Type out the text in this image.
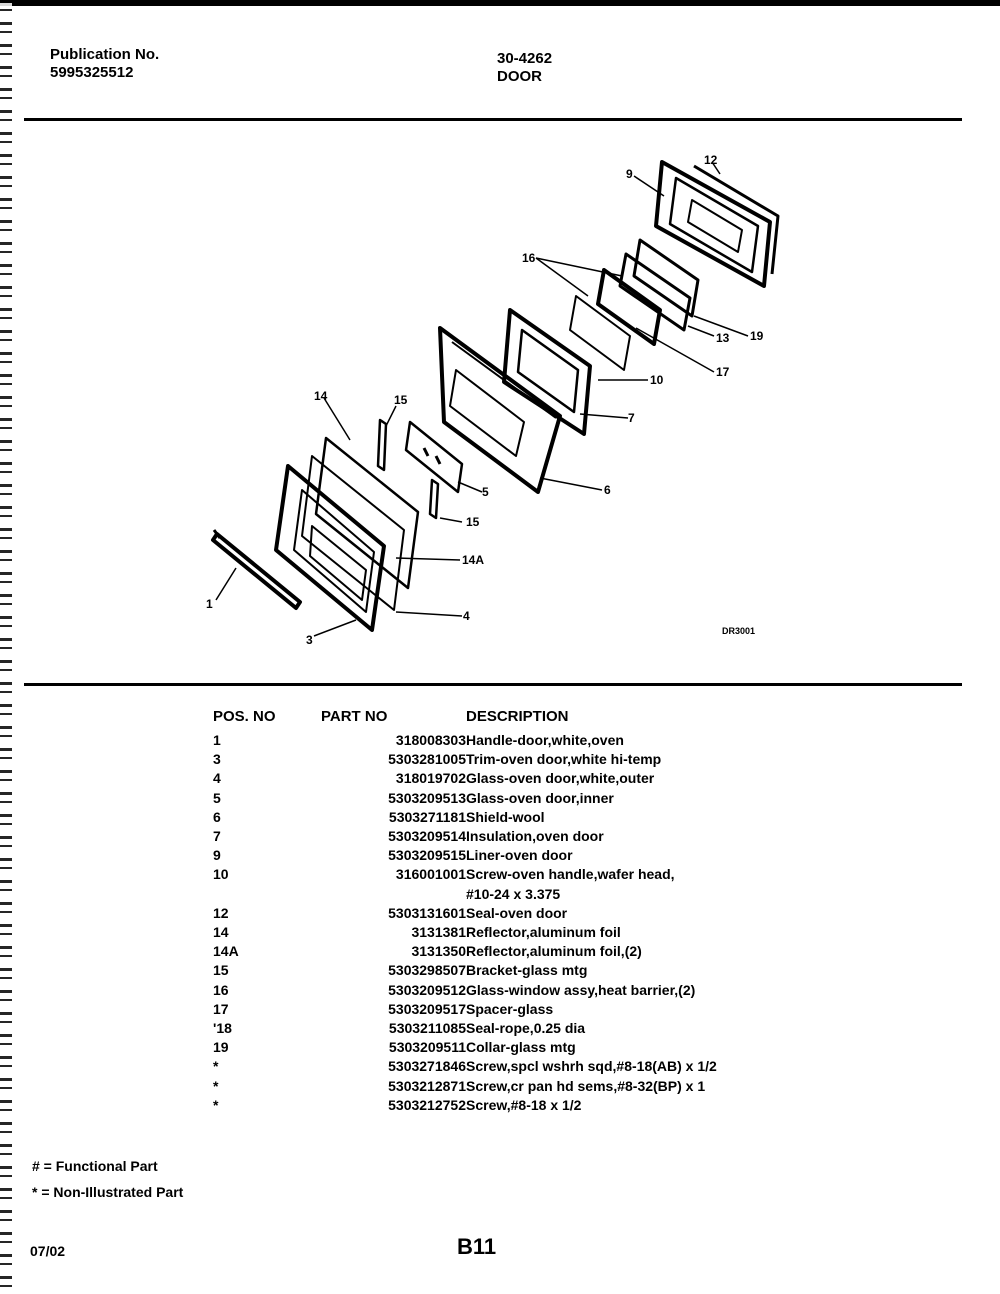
Publication No.
5995325512
30-4262
DOOR
1
3
4
5	6
7
9
10
12
13
14
14A
15
15
16
17
19
DR3001
POS. NO	PART NO	DESCRIPTION
1	318008303	Handle-door,white,oven
3	5303281005	Trim-oven door,white hi-temp
4	318019702	Glass-oven door,white,outer
5	5303209513	Glass-oven door,inner
6	5303271181	Shield-wool
7	5303209514	Insulation,oven door
9	5303209515	Liner-oven door
10	316001001	Screw-oven handle,wafer head,
		#10-24 x 3.375
12	5303131601	Seal-oven door
14	3131381	Reflector,aluminum foil
14A	3131350	Reflector,aluminum foil,(2)
15	5303298507	Bracket-glass mtg
16	5303209512	Glass-window assy,heat barrier,(2)
17	5303209517	Spacer-glass
'18	5303211085	Seal-rope,0.25 dia
19	5303209511	Collar-glass mtg
*	5303271846	Screw,spcl wshrh sqd,#8-18(AB) x 1/2
*	5303212871	Screw,cr pan hd sems,#8-32(BP) x 1
*	5303212752	Screw,#8-18 x 1/2
# = Functional Part
* = Non-Illustrated Part
07/02	B11
